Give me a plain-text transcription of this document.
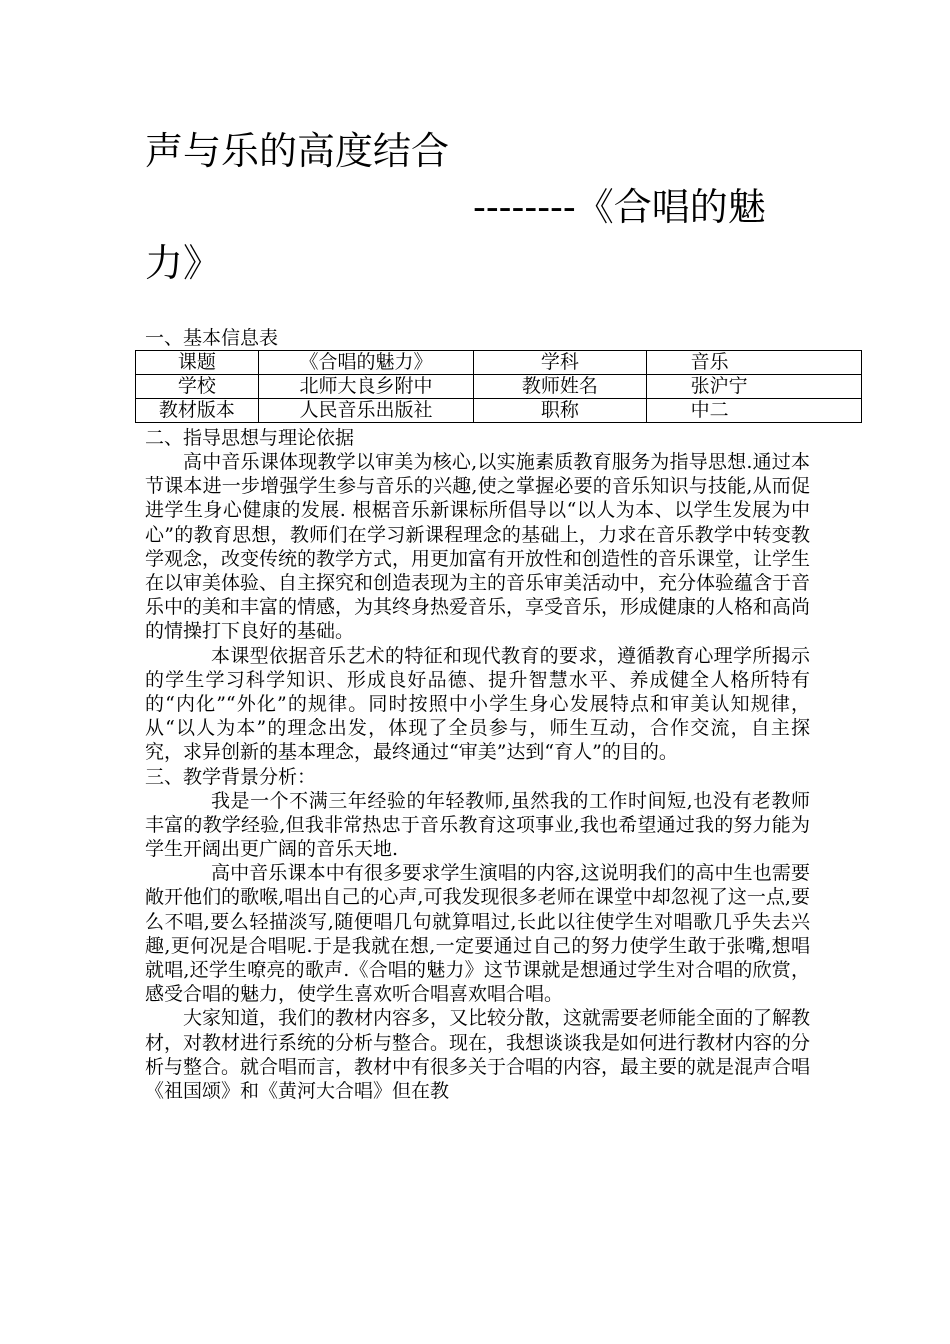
声与乐的高度结合
--------《合唱的魅
力》
一、基本信息表
课题	《合唱的魅力》	学科	音乐
学校	北师大良乡附中	教师姓名	张沪宁
教材版本	人民音乐出版社	职称	中二
二、指导思想与理论依据

高中音乐课体现教学以审美为核心,以实施素质教育服务为指导思想.通过本节课本进一步增强学生参与音乐的兴趣,使之掌握必要的音乐知识与技能,从而促进学生身心健康的发展. 根椐音乐新课标所倡导以“以人为本、以学生发展为中心”的教育思想，教师们在学习新课程理念的基础上，力求在音乐教学中转变教学观念，改变传统的教学方式，用更加富有开放性和创造性的音乐课堂，让学生在以审美体验、自主探究和创造表现为主的音乐审美活动中，充分体验蕴含于音乐中的美和丰富的情感，为其终身热爱音乐，享受音乐，形成健康的人格和高尚的情操打下良好的基础。

本课型依据音乐艺术的特征和现代教育的要求，遵循教育心理学所揭示的学生学习科学知识、形成良好品德、提升智慧水平、养成健全人格所特有的“内化”“外化”的规律。同时按照中小学生身心发展特点和审美认知规律，从“以人为本”的理念出发，体现了全员参与，师生互动，合作交流，自主探究，求异创新的基本理念，最终通过“审美”达到“育人”的目的。

三、教学背景分析：

我是一个不满三年经验的年轻教师,虽然我的工作时间短,也没有老教师丰富的教学经验,但我非常热忠于音乐教育这项事业,我也希望通过我的努力能为学生开阔出更广阔的音乐天地.

高中音乐课本中有很多要求学生演唱的内容,这说明我们的高中生也需要敞开他们的歌喉,唱出自己的心声,可我发现很多老师在课堂中却忽视了这一点,要么不唱,要么轻描淡写,随便唱几句就算唱过,长此以往使学生对唱歌几乎失去兴趣,更何况是合唱呢.于是我就在想,一定要通过自己的努力使学生敢于张嘴,想唱就唱,还学生嘹亮的歌声.《合唱的魅力》这节课就是想通过学生对合唱的欣赏，感受合唱的魅力，使学生喜欢听合唱喜欢唱合唱。

大家知道，我们的教材内容多，又比较分散，这就需要老师能全面的了解教材，对教材进行系统的分析与整合。现在，我想谈谈我是如何进行教材内容的分析与整合。就合唱而言，教材中有很多关于合唱的内容，最主要的就是混声合唱《祖国颂》和《黄河大合唱》但在教
